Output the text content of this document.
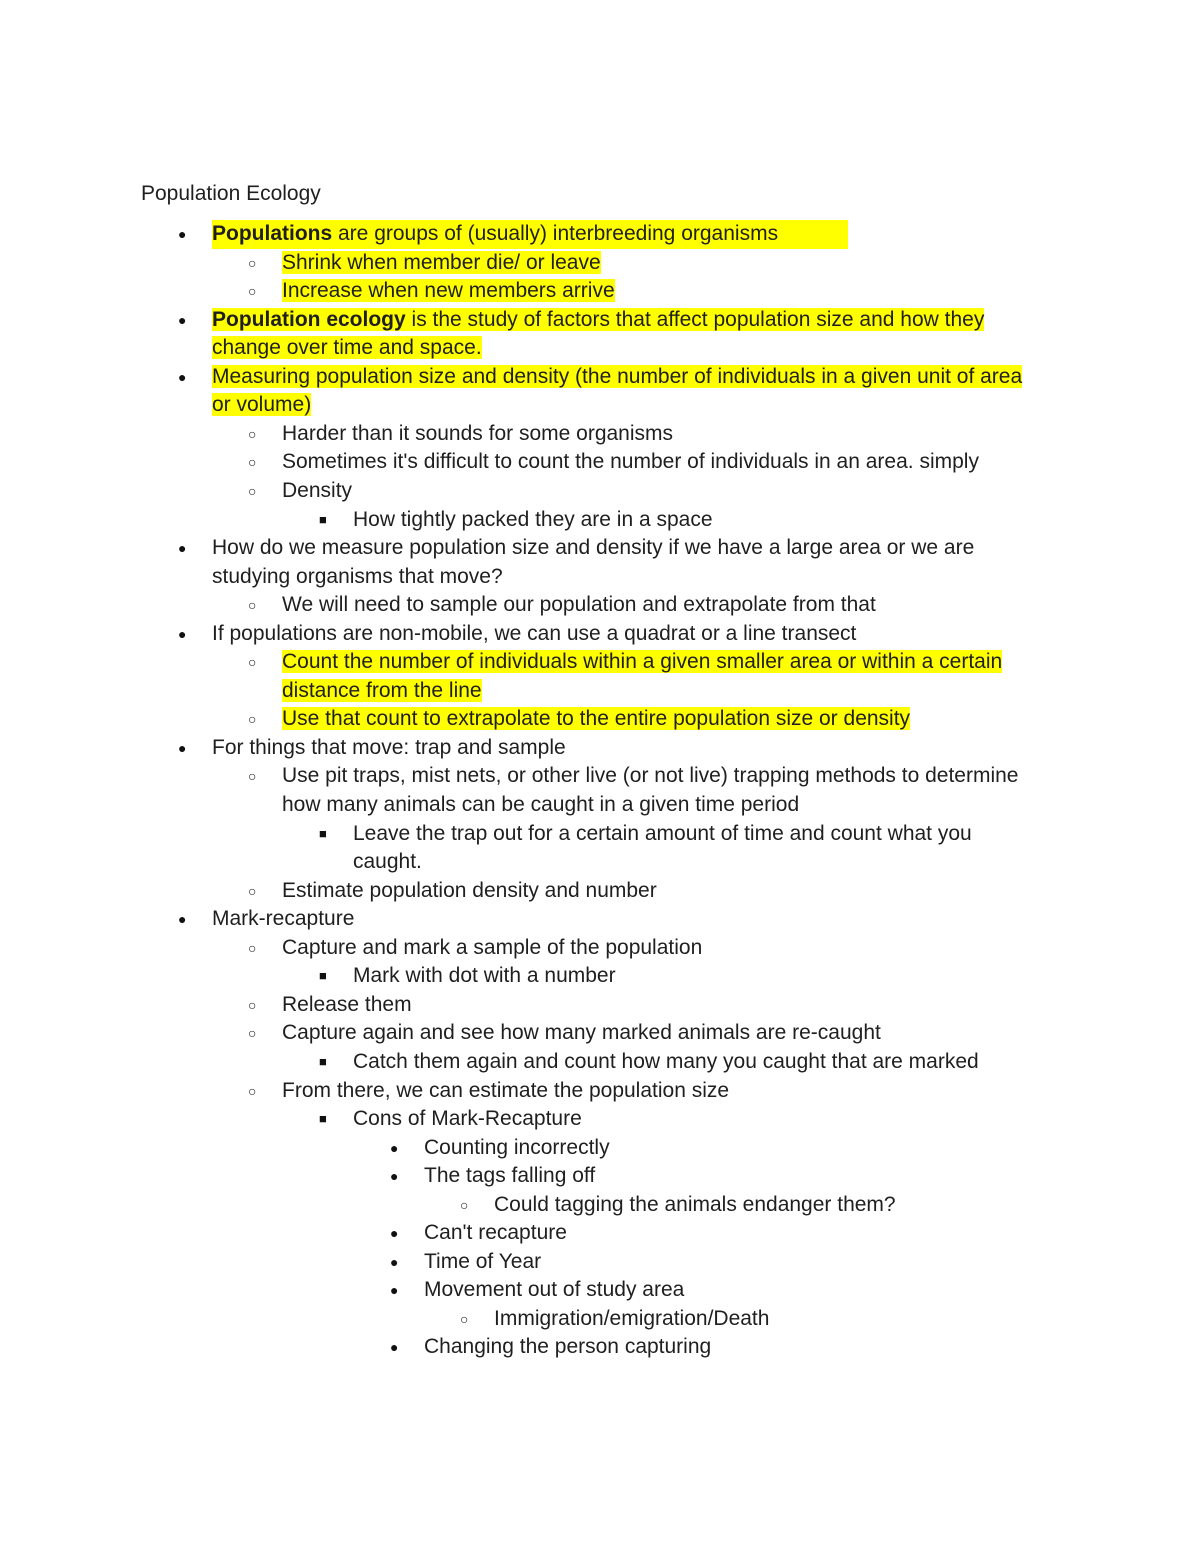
Population Ecology
● Populations are groups of (usually) interbreeding organisms
○ Shrink when member die/ or leave
○ Increase when new members arrive
● Population ecology is the study of factors that affect population size and how they
change over time and space.
● Measuring population size and density (the number of individuals in a given unit of area
or volume)
○ Harder than it sounds for some organisms
○ Sometimes it's difficult to count the number of individuals in an area. simply
○ Density
■ How tightly packed they are in a space
● How do we measure population size and density if we have a large area or we are
studying organisms that move?
○ We will need to sample our population and extrapolate from that
● If populations are non-mobile, we can use a quadrat or a line transect
○ Count the number of individuals within a given smaller area or within a certain
distance from the line
○ Use that count to extrapolate to the entire population size or density
● For things that move: trap and sample
○ Use pit traps, mist nets, or other live (or not live) trapping methods to determine
how many animals can be caught in a given time period
■ Leave the trap out for a certain amount of time and count what you
caught.
○ Estimate population density and number
● Mark-recapture
○ Capture and mark a sample of the population
■ Mark with dot with a number
○ Release them
○ Capture again and see how many marked animals are re-caught
■ Catch them again and count how many you caught that are marked
○ From there, we can estimate the population size
■ Cons of Mark-Recapture
● Counting incorrectly
● The tags falling off
○ Could tagging the animals endanger them?
● Can't recapture
● Time of Year
● Movement out of study area
○ Immigration/emigration/Death
● Changing the person capturing
